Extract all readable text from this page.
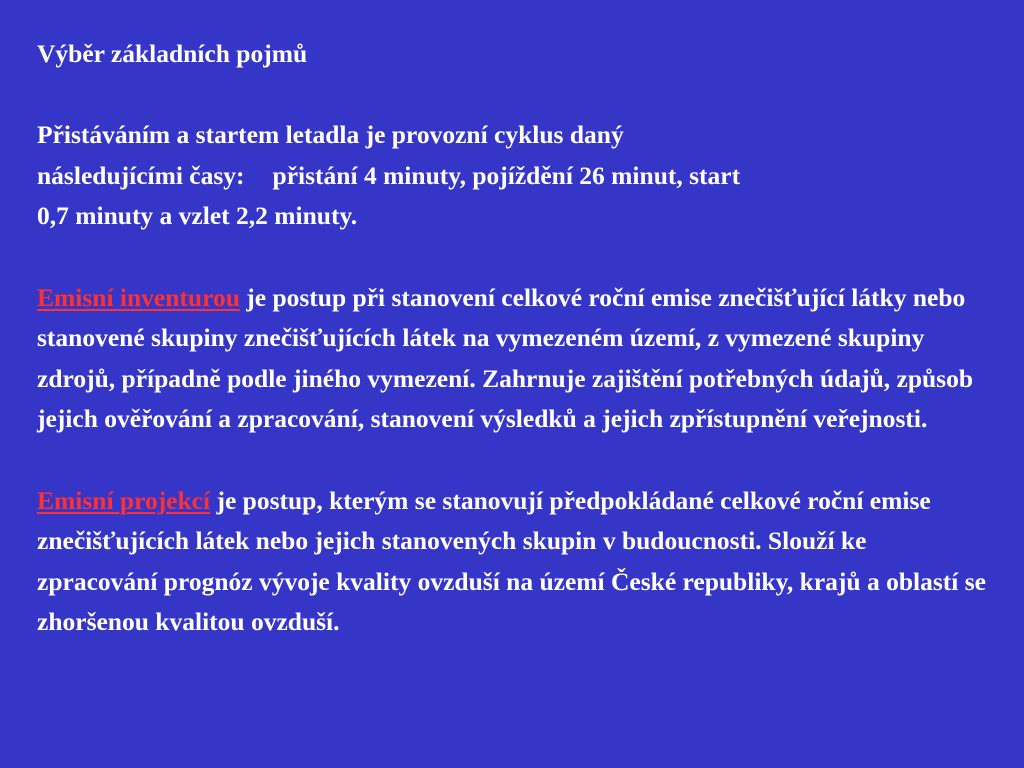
Výběr základních pojmů

Přistáváním a startem letadla je provozní cyklus daný
následujícími časy: přistání 4 minuty, pojíždění 26 minut, start
0,7 minuty a vzlet 2,2 minuty.

Emisní inventurou je postup při stanovení celkové roční emise znečišťující látky nebo stanovené skupiny znečišťujících látek na vymezeném území, z vymezené skupiny zdrojů, případně podle jiného vymezení. Zahrnuje zajištění potřebných údajů, způsob jejich ověřování a zpracování, stanovení výsledků a jejich zpřístupnění veřejnosti.

Emisní projekcí je postup, kterým se stanovují předpokládané celkové roční emise znečišťujících látek nebo jejich stanovených skupin v budoucnosti. Slouží ke zpracování prognóz vývoje kvality ovzduší na území České republiky, krajů a oblastí se zhoršenou kvalitou ovzduší.
